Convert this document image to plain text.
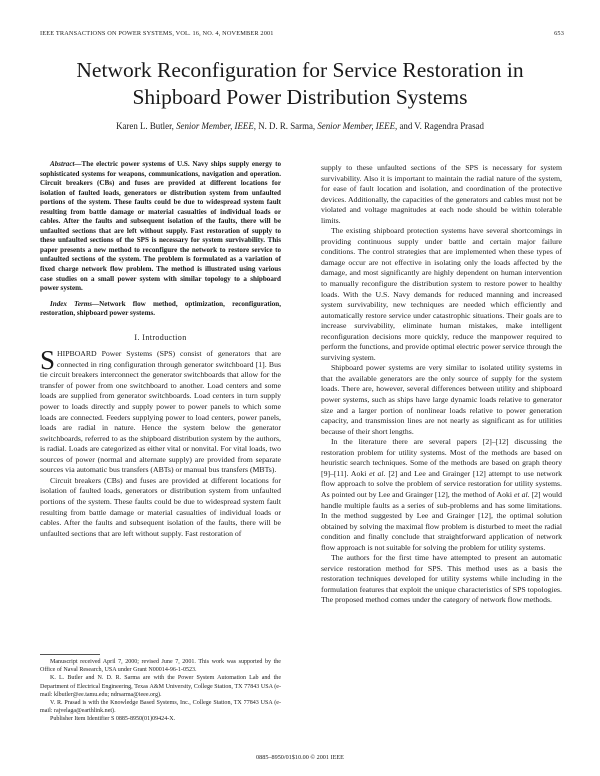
IEEE TRANSACTIONS ON POWER SYSTEMS, VOL. 16, NO. 4, NOVEMBER 2001	653
Network Reconfiguration for Service Restoration in
Shipboard Power Distribution Systems
Karen L. Butler, Senior Member, IEEE, N. D. R. Sarma, Senior Member, IEEE, and V. Ragendra Prasad

Abstract—The electric power systems of U.S. Navy ships supply energy to sophisticated systems for weapons, communications, navigation and operation. Circuit breakers (CBs) and fuses are provided at different locations for isolation of faulted loads, generators or distribution system from unfaulted portions of the system. These faults could be due to widespread system fault resulting from battle damage or material casualties of individual loads or cables. After the faults and subsequent isolation of the faults, there will be unfaulted sections that are left without supply. Fast restoration of supply to these unfaulted sections of the SPS is necessary for system survivability. This paper presents a new method to reconfigure the network to restore service to unfaulted sections of the system. The problem is formulated as a variation of fixed charge network flow problem. The method is illustrated using various case studies on a small power system with similar topology to a shipboard power system.

Index Terms—Network flow method, optimization, reconfiguration, restoration, shipboard power systems.

I. Introduction

SHIPBOARD Power Systems (SPS) consist of generators that are connected in ring configuration through generator switchboard [1]. Bus tie circuit breakers interconnect the generator switchboards that allow for the transfer of power from one switchboard to another. Load centers and some loads are supplied from generator switchboards. Load centers in turn supply power to loads directly and supply power to power panels to which some loads are connected. Feeders supplying power to load centers, power panels, loads are radial in nature. Hence the system below the generator switchboards, referred to as the shipboard distribution system by the authors, is radial. Loads are categorized as either vital or nonvital. For vital loads, two sources of power (normal and alternate supply) are provided from separate sources via automatic bus transfers (ABTs) or manual bus transfers (MBTs).

Circuit breakers (CBs) and fuses are provided at different locations for isolation of faulted loads, generators or distribution system from unfaulted portions of the system. These faults could be due to widespread system fault resulting from battle damage or material casualties of individual loads or cables. After the faults and subsequent isolation of the faults, there will be unfaulted sections that are left without supply. Fast restoration of

supply to these unfaulted sections of the SPS is necessary for system survivability. Also it is important to maintain the radial nature of the system, for ease of fault location and isolation, and coordination of the protective devices. Additionally, the capacities of the generators and cables must not be violated and voltage magnitudes at each node should be within tolerable limits.

The existing shipboard protection systems have several shortcomings in providing continuous supply under battle and certain major failure conditions. The control strategies that are implemented when these types of damage occur are not effective in isolating only the loads affected by the damage, and most significantly are highly dependent on human intervention to manually reconfigure the distribution system to restore power to healthy loads. With the U.S. Navy demands for reduced manning and increased system survivability, new techniques are needed which efficiently and automatically restore service under catastrophic situations. Their goals are to increase survivability, eliminate human mistakes, make intelligent reconfiguration decisions more quickly, reduce the manpower required to perform the functions, and provide optimal electric power service through the surviving system.

Shipboard power systems are very similar to isolated utility systems in that the available generators are the only source of supply for the system loads. There are, however, several differences between utility and shipboard power systems, such as ships have large dynamic loads relative to generator size and a larger portion of nonlinear loads relative to power generation capacity, and transmission lines are not nearly as significant as for utilities because of their short lengths.

In the literature there are several papers [2]–[12] discussing the restoration problem for utility systems. Most of the methods are based on heuristic search techniques. Some of the methods are based on graph theory [9]–[11]. Aoki et al. [2] and Lee and Grainger [12] attempt to use network flow approach to solve the problem of service restoration for utility systems. As pointed out by Lee and Grainger [12], the method of Aoki et al. [2] would handle multiple faults as a series of sub-problems and has some limitations. In the method suggested by Lee and Grainger [12], the optimal solution obtained by solving the maximal flow problem is disturbed to meet the radial condition and finally conclude that straightforward application of network flow approach is not suitable for solving the problem for utility systems.

The authors for the first time have attempted to present an automatic service restoration method for SPS. This method uses as a basis the restoration techniques developed for utility systems while including in the formulation features that exploit the unique characteristics of SPS topologies. The proposed method comes under the category of network flow methods.

Manuscript received April 7, 2000; revised June 7, 2001. This work was supported by the Office of Naval Research, USA under Grant N00014-96-1-0523.

K. L. Butler and N. D. R. Sarma are with the Power System Automation Lab and the Department of Electrical Engineering, Texas A&M University, College Station, TX 77843 USA (e-mail: klbutler@ee.tamu.edu; ndrsarma@ieee.org).

V. R. Prasad is with the Knowledge Based Systems, Inc., College Station, TX 77843 USA (e-mail: rajvelaga@earthlink.net).

Publisher Item Identifier S 0885-8950(01)09424-X.

0885–8950/01$10.00 © 2001 IEEE
